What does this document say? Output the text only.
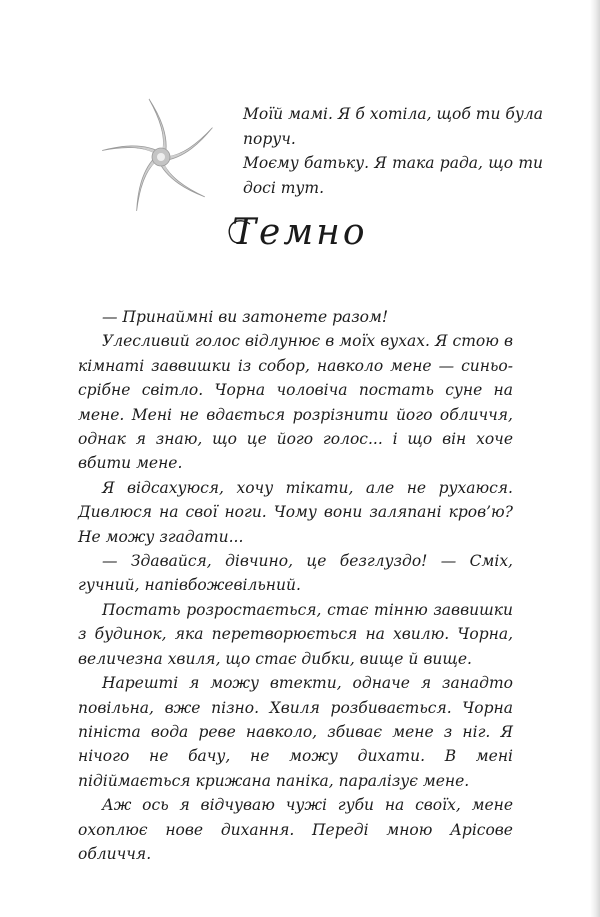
Моїй мамі. Я б хотіла, щоб ти була поруч.

Моєму батьку. Я така рада, що ти досі тут.

Темно

— Принаймні ви затонете разом!

Улесливий голос відлунює в моїх вухах. Я стою в кімнаті заввишки із собор, навколо мене — синьо-срібне світло. Чорна чоловіча постать суне на мене. Мені не вдається розрізнити його обличчя, однак я знаю, що це його голос... і що він хоче вбити мене.

Я відсахуюся, хочу тікати, але не рухаюся. Дивлюся на свої ноги. Чому вони заляпані кров’ю? Не можу згадати...

— Здавайся, дівчино, це безглуздо! — Сміх, гучний, напівбожевільний.

Постать розростається, стає тінню заввишки з будинок, яка перетворюється на хвилю. Чорна, величезна хвиля, що стає дибки, вище й вище.

Нарешті я можу втекти, одначе я занадто повільна, вже пізно. Хвиля розбивається. Чорна пініста вода реве навколо, збиває мене з ніг. Я нічого не бачу, не можу дихати. В мені підіймається крижана паніка, паралізує мене.

Аж ось я відчуваю чужі губи на своїх, мене охоплює нове дихання. Переді мною Арісове обличчя.
